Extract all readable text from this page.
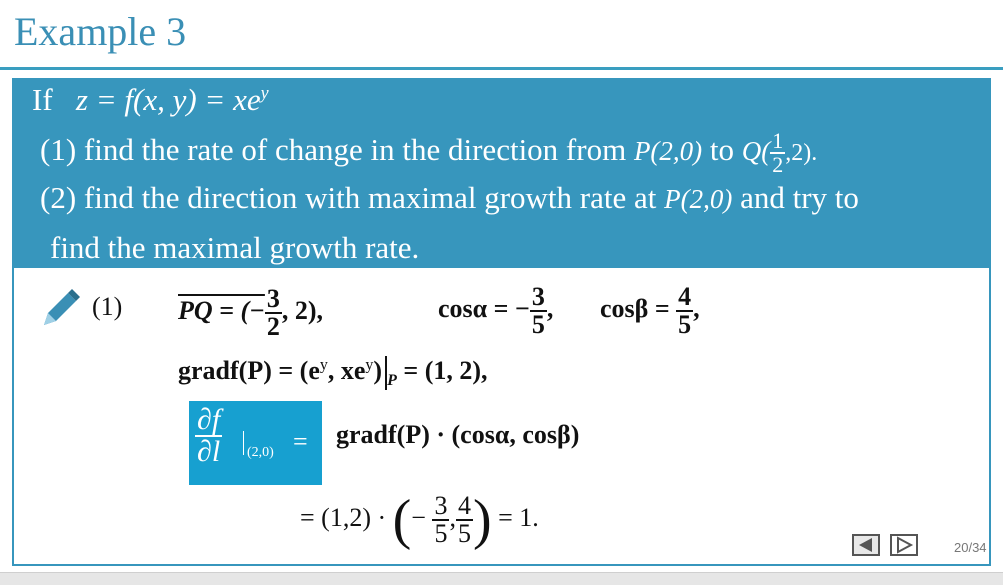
Example 3
If z = f(x, $y) = xe^y$
(1) find the rate of change in the direction from P(2,0) to $Q( \frac{1}{2} ,2)$.
(2) find the direction with maximal growth rate at P(2,0) and try to
find the maximal growth rate.
(1) PQ = (− $\frac{3}{2}$ , 2),	cosα = − $\frac{3}{5}$ , $\cos\beta = \frac{4}{5}$ ,
gradf(P) = ($e^y$, $xe^y$) $_P$ = (1, 2),
$\frac{\partial f}{\partial l} (2,0)$ = gradf(P) · (cosα, cosβ)
= (1,2) · (− $\frac{3}{5}$ , $\frac{4}{5}$ ) = 1.
20/34
